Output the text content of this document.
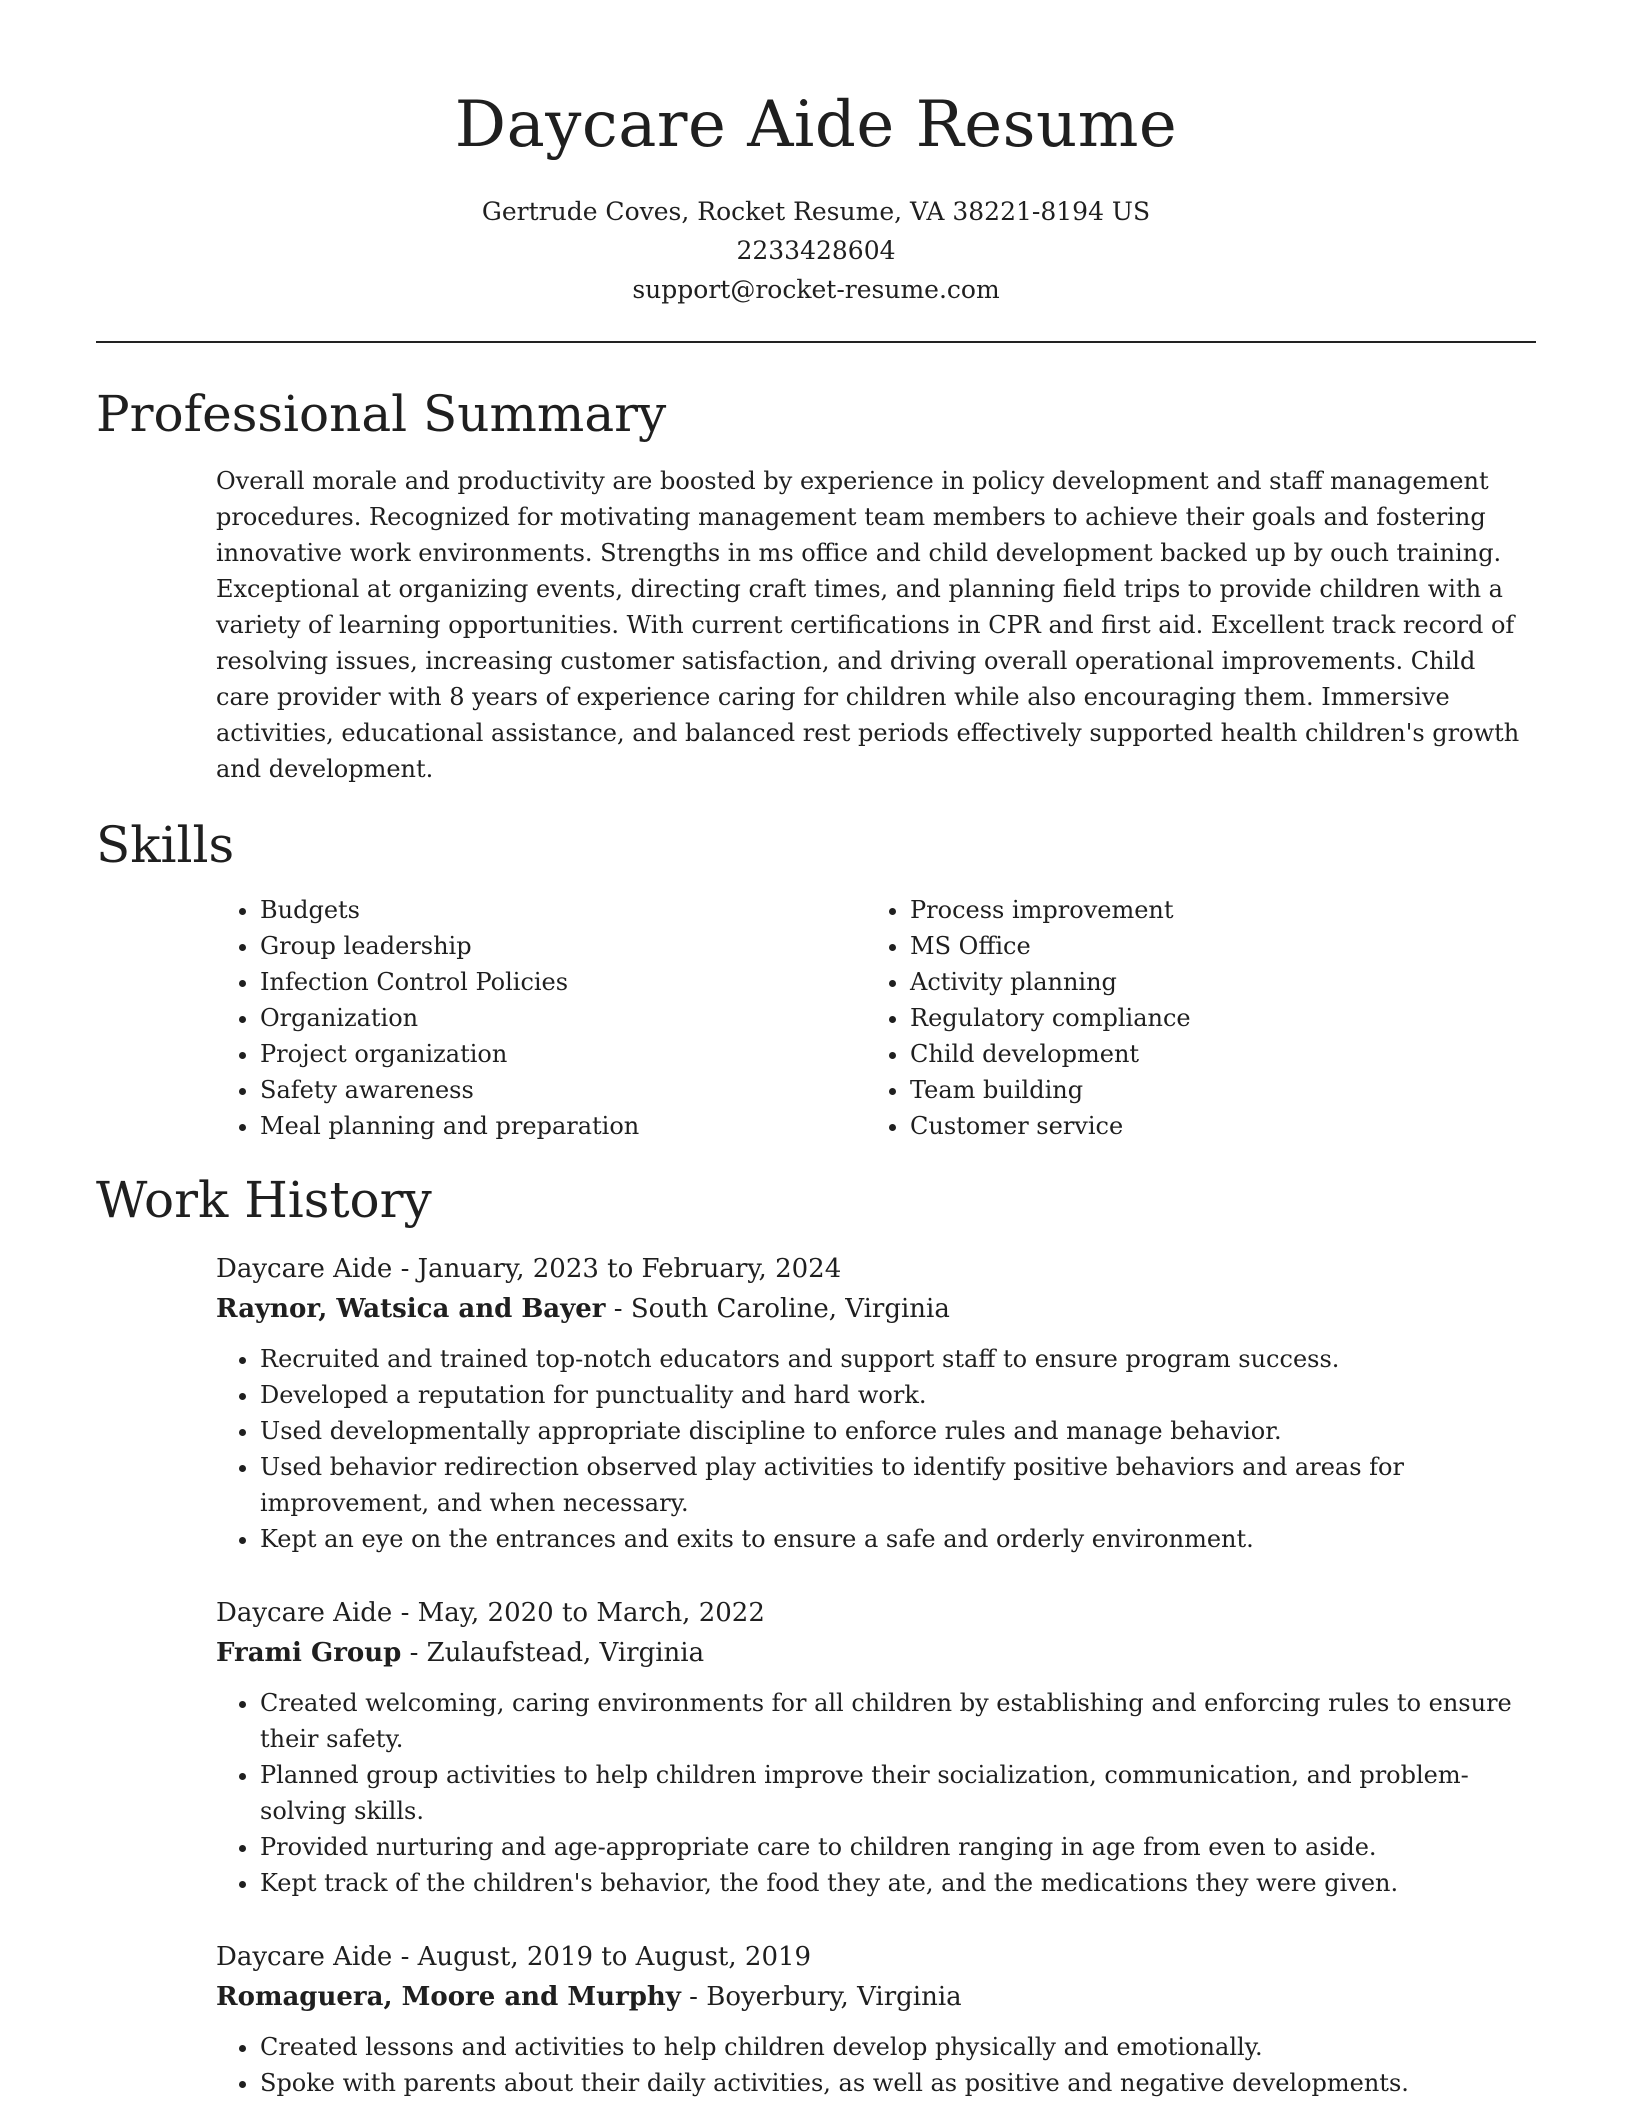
Daycare Aide Resume
Gertrude Coves, Rocket Resume, VA 38221-8194 US
2233428604
support@rocket-resume.com
Professional Summary

Overall morale and productivity are boosted by experience in policy development and staff management procedures. Recognized for motivating management team members to achieve their goals and fostering innovative work environments. Strengths in ms office and child development backed up by ouch training. Exceptional at organizing events, directing craft times, and planning field trips to provide children with a variety of learning opportunities. With current certifications in CPR and first aid. Excellent track record of resolving issues, increasing customer satisfaction, and driving overall operational improvements. Child care provider with 8 years of experience caring for children while also encouraging them. Immersive activities, educational assistance, and balanced rest periods effectively supported health children's growth and development.

Skills
• Budgets
• Group leadership
• Infection Control Policies
• Organization
• Project organization
• Safety awareness
• Meal planning and preparation
• Process improvement
• MS Office
• Activity planning
• Regulatory compliance
• Child development
• Team building
• Customer service
Work History
Daycare Aide - January, 2023 to February, 2024
Raynor, Watsica and Bayer - South Caroline, Virginia
• Recruited and trained top-notch educators and support staff to ensure program success.
• Developed a reputation for punctuality and hard work.
• Used developmentally appropriate discipline to enforce rules and manage behavior.
• Used behavior redirection observed play activities to identify positive behaviors and areas for improvement, and when necessary.
• Kept an eye on the entrances and exits to ensure a safe and orderly environment.
Daycare Aide - May, 2020 to March, 2022
Frami Group - Zulaufstead, Virginia
• Created welcoming, caring environments for all children by establishing and enforcing rules to ensure their safety.
• Planned group activities to help children improve their socialization, communication, and problem-solving skills.
• Provided nurturing and age-appropriate care to children ranging in age from even to aside.
• Kept track of the children's behavior, the food they ate, and the medications they were given.
Daycare Aide - August, 2019 to August, 2019
Romaguera, Moore and Murphy - Boyerbury, Virginia
• Created lessons and activities to help children develop physically and emotionally.
• Spoke with parents about their daily activities, as well as positive and negative developments.
